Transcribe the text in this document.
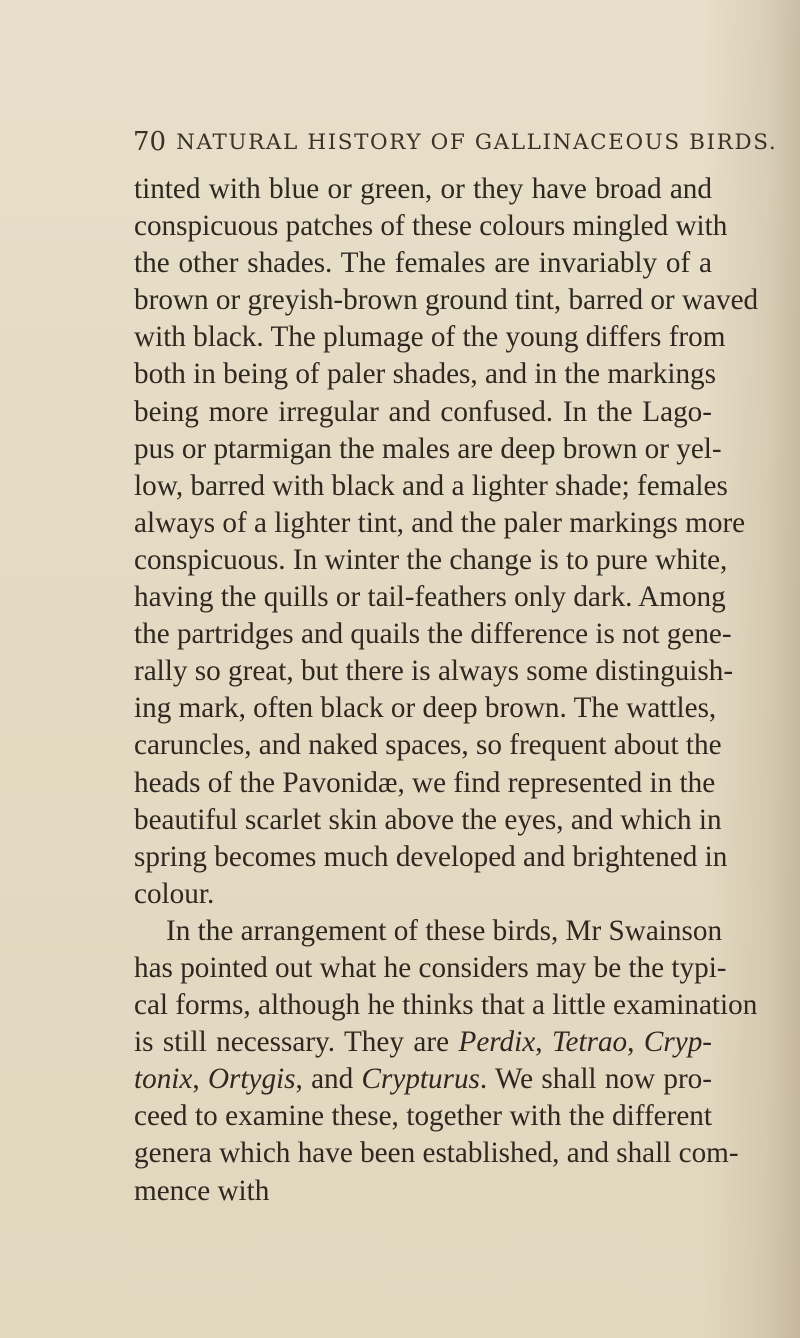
70 NATURAL HISTORY OF GALLINACEOUS BIRDS.
tinted with blue or green, or they have broad and
conspicuous patches of these colours mingled with
the other shades. The females are invariably of a
brown or greyish-brown ground tint, barred or waved
with black. The plumage of the young differs from
both in being of paler shades, and in the markings
being more irregular and confused. In the Lago-
pus or ptarmigan the males are deep brown or yel-
low, barred with black and a lighter shade; females
always of a lighter tint, and the paler markings more
conspicuous. In winter the change is to pure white,
having the quills or tail-feathers only dark. Among
the partridges and quails the difference is not gene-
rally so great, but there is always some distinguish-
ing mark, often black or deep brown. The wattles,
caruncles, and naked spaces, so frequent about the
heads of the Pavonidæ, we find represented in the
beautiful scarlet skin above the eyes, and which in
spring becomes much developed and brightened in
colour.
In the arrangement of these birds, Mr Swainson
has pointed out what he considers may be the typi-
cal forms, although he thinks that a little examination
is still necessary. They are Perdix, Tetrao, Cryp-
tonix, Ortygis, and Crypturus. We shall now pro-
ceed to examine these, together with the different
genera which have been established, and shall com-
mence with
